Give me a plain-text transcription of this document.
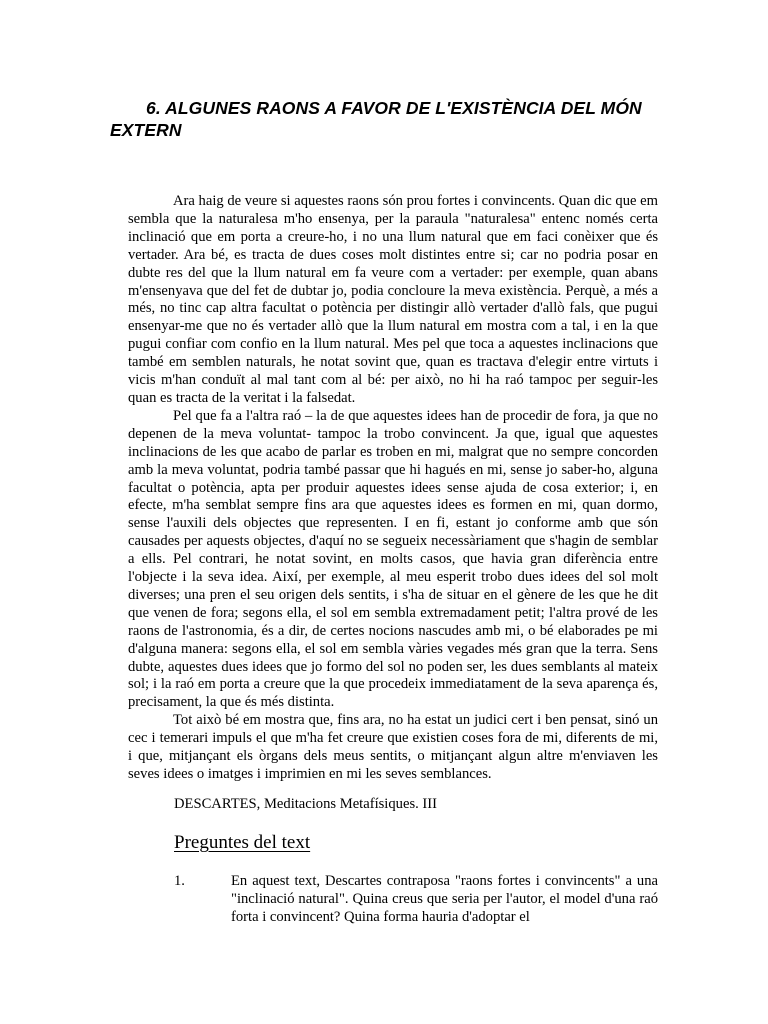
6. ALGUNES RAONS A FAVOR DE L'EXISTÈNCIA DEL MÓN
EXTERN

Ara haig de veure si aquestes raons són prou fortes i convincents. Quan dic que em sembla que la naturalesa m'ho ensenya, per la paraula "naturalesa" entenc només certa inclinació que em porta a creure-ho, i no una llum natural que em faci conèixer que és vertader. Ara bé, es tracta de dues coses molt distintes entre si; car no podria posar en dubte res del que la llum natural em fa veure com a vertader: per exemple, quan abans m'ensenyava que del fet de dubtar jo, podia concloure la meva existència. Perquè, a més a més, no tinc cap altra facultat o potència per distingir allò vertader d'allò fals, que pugui ensenyar-me que no és vertader allò que la llum natural em mostra com a tal, i en la que pugui confiar com confio en la llum natural. Mes pel que toca a aquestes inclinacions que també em semblen naturals, he notat sovint que, quan es tractava d'elegir entre virtuts i vicis m'han conduït al mal tant com al bé: per això, no hi ha raó tampoc per seguir-les quan es tracta de la veritat i la falsedat.

Pel que fa a l'altra raó – la de que aquestes idees han de procedir de fora, ja que no depenen de la meva voluntat- tampoc la trobo convincent. Ja que, igual que aquestes inclinacions de les que acabo de parlar es troben en mi, malgrat que no sempre concorden amb la meva voluntat, podria també passar que hi hagués en mi, sense jo saber-ho, alguna facultat o potència, apta per produir aquestes idees sense ajuda de cosa exterior; i, en efecte, m'ha semblat sempre fins ara que aquestes idees es formen en mi, quan dormo, sense l'auxili dels objectes que representen. I en fi, estant jo conforme amb que són causades per aquests objectes, d'aquí no se segueix necessàriament que s'hagin de semblar a ells. Pel contrari, he notat sovint, en molts casos, que havia gran diferència entre l'objecte i la seva idea. Així, per exemple, al meu esperit trobo dues idees del sol molt diverses; una pren el seu origen dels sentits, i s'ha de situar en el gènere de les que he dit que venen de fora; segons ella, el sol em sembla extremadament petit; l'altra prové de les raons de l'astronomia, és a dir, de certes nocions nascudes amb mi, o bé elaborades pe mi d'alguna manera: segons ella, el sol em sembla vàries vegades més gran que la terra. Sens dubte, aquestes dues idees que jo formo del sol no poden ser, les dues semblants al mateix sol; i la raó em porta a creure que la que procedeix immediatament de la seva aparença és, precisament, la que és més distinta.

Tot això bé em mostra que, fins ara, no ha estat un judici cert i ben pensat, sinó un cec i temerari impuls el que m'ha fet creure que existien coses fora de mi, diferents de mi, i que, mitjançant els òrgans dels meus sentits, o mitjançant algun altre m'enviaven les seves idees o imatges i imprimien en mi les seves semblances.

DESCARTES, Meditacions Metafísiques. III
Preguntes del text
1.	En aquest text, Descartes contraposa "raons fortes i convincents" a una "inclinació natural". Quina creus que seria per l'autor, el model d'una raó forta i convincent? Quina forma hauria d'adoptar el
